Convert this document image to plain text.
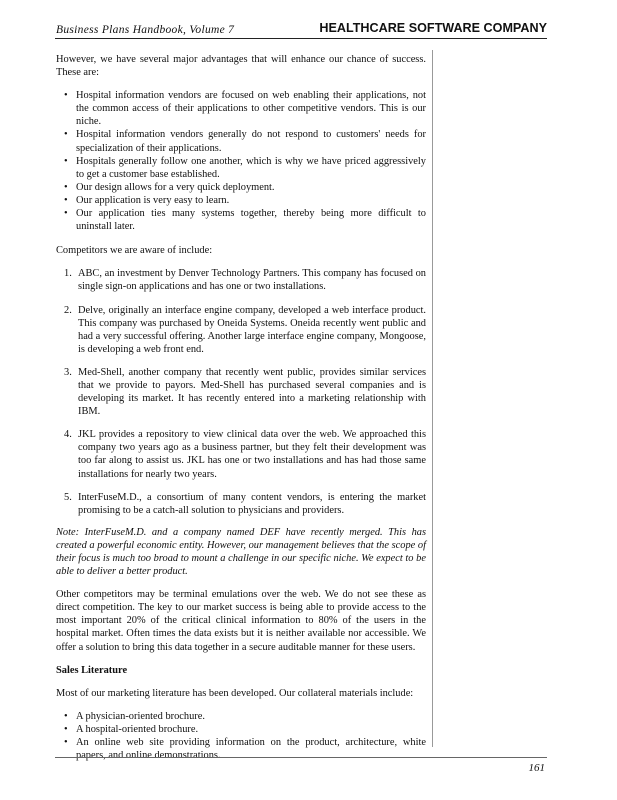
Business Plans Handbook, Volume 7	HEALTHCARE SOFTWARE COMPANY

However, we have several major advantages that will enhance our chance of success. These are:

• Hospital information vendors are focused on web enabling their applications, not the common access of their applications to other competitive vendors. This is our niche.
• Hospital information vendors generally do not respond to customers' needs for specialization of their applications.
• Hospitals generally follow one another, which is why we have priced aggressively to get a customer base established.
• Our design allows for a very quick deployment.
• Our application is very easy to learn.
• Our application ties many systems together, thereby being more difficult to uninstall later.

Competitors we are aware of include:

1. ABC, an investment by Denver Technology Partners. This company has focused on single sign-on applications and has one or two installations.
2. Delve, originally an interface engine company, developed a web interface product. This company was purchased by Oneida Systems. Oneida recently went public and had a very successful offering. Another large interface engine company, Mongoose, is developing a web front end.
3. Med-Shell, another company that recently went public, provides similar services that we provide to payors. Med-Shell has purchased several companies and is developing its market. It has recently entered into a marketing relationship with IBM.
4. JKL provides a repository to view clinical data over the web. We approached this company two years ago as a business partner, but they felt their development was too far along to assist us. JKL has one or two installations and has had those same installations for nearly two years.
5. InterFuseM.D., a consortium of many content vendors, is entering the market promising to be a catch-all solution to physicians and providers.

Note: InterFuseM.D. and a company named DEF have recently merged. This has created a powerful economic entity. However, our management believes that the scope of their focus is much too broad to mount a challenge in our specific niche. We expect to be able to deliver a better product.

Other competitors may be terminal emulations over the web. We do not see these as direct competition. The key to our market success is being able to provide access to the most important 20% of the critical clinical information to 80% of the users in the hospital market. Often times the data exists but it is neither available nor accessible. We offer a solution to bring this data together in a secure auditable manner for these users.

Sales Literature

Most of our marketing literature has been developed. Our collateral materials include:

• A physician-oriented brochure.
• A hospital-oriented brochure.
• An online web site providing information on the product, architecture, white papers, and online demonstrations.
161
